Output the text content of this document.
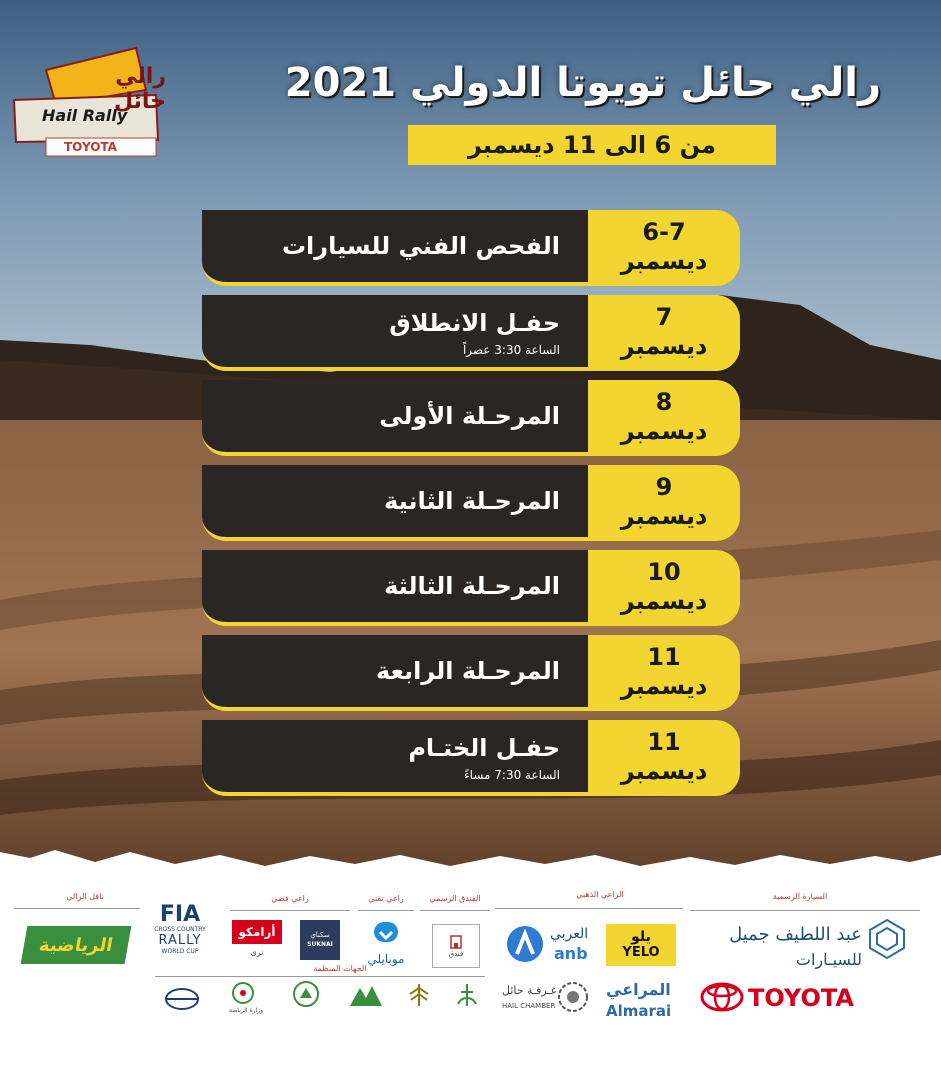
رالي حائل
Hail Rally
TOYOTA
رالي حائل تويوتا الدولي 2021
من 6 الى 11 ديسمبر
الفحص الفني للسيارات	6-7
ديسمبر
حفـل الانطلاق
الساعة 3:30 عصراً
7
ديسمبر
المرحـلة الأولى	8
ديسمبر
المرحـلة الثانية	9
ديسمبر
المرحـلة الثالثة	10
ديسمبر
المرحـلة الرابعة	11
ديسمبر
حفـل الختـام
الساعة 7:30 مساءً
11
ديسمبر
السيارة الرسمية
عبد اللطيف جميل
للسيـارات
TOYOTA
الراعي الذهبي
يلو
YELO
العربي
anb
المراعي
Almarai
غـرفـة حائل
HAIL CHAMBER
الفندق الرسمي
فندق
راعي تقني
موبايلي
راعي فضي
أرامكو
نرى
سكناي
SUKNAI
FIA
CROSS COUNTRY
RALLY
WORLD CUP
ناقل الرالي
الرياضية
الجهات المنظمة
وزارة الرياضة
